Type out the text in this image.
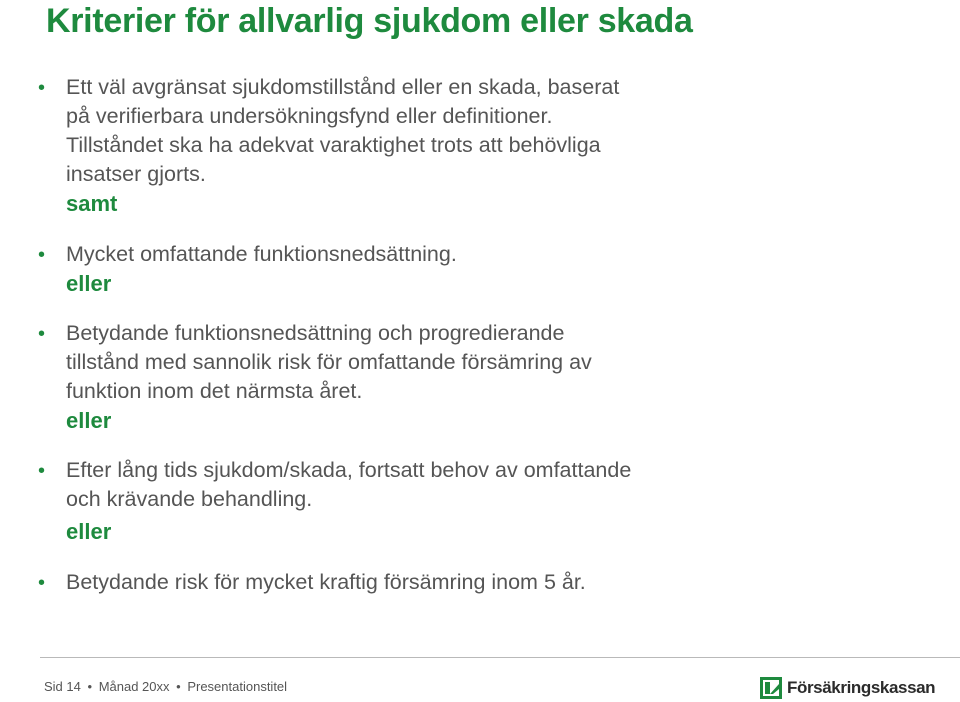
Kriterier för allvarlig sjukdom eller skada
• Ett väl avgränsat sjukdomstillstånd eller en skada, baserat

på verifierbara undersökningsfynd eller definitioner.

Tillståndet ska ha adekvat varaktighet trots att behövliga

insatser gjorts.

samt

• Mycket omfattande funktionsnedsättning.

eller

• Betydande funktionsnedsättning och progredierande

tillstånd med sannolik risk för omfattande försämring av

funktion inom det närmsta året.

eller

• Efter lång tids sjukdom/skada, fortsatt behov av omfattande

och krävande behandling.

eller

• Betydande risk för mycket kraftig försämring inom 5 år.

Sid 14 • Månad 20xx • Presentationstitel	Försäkringskassan
